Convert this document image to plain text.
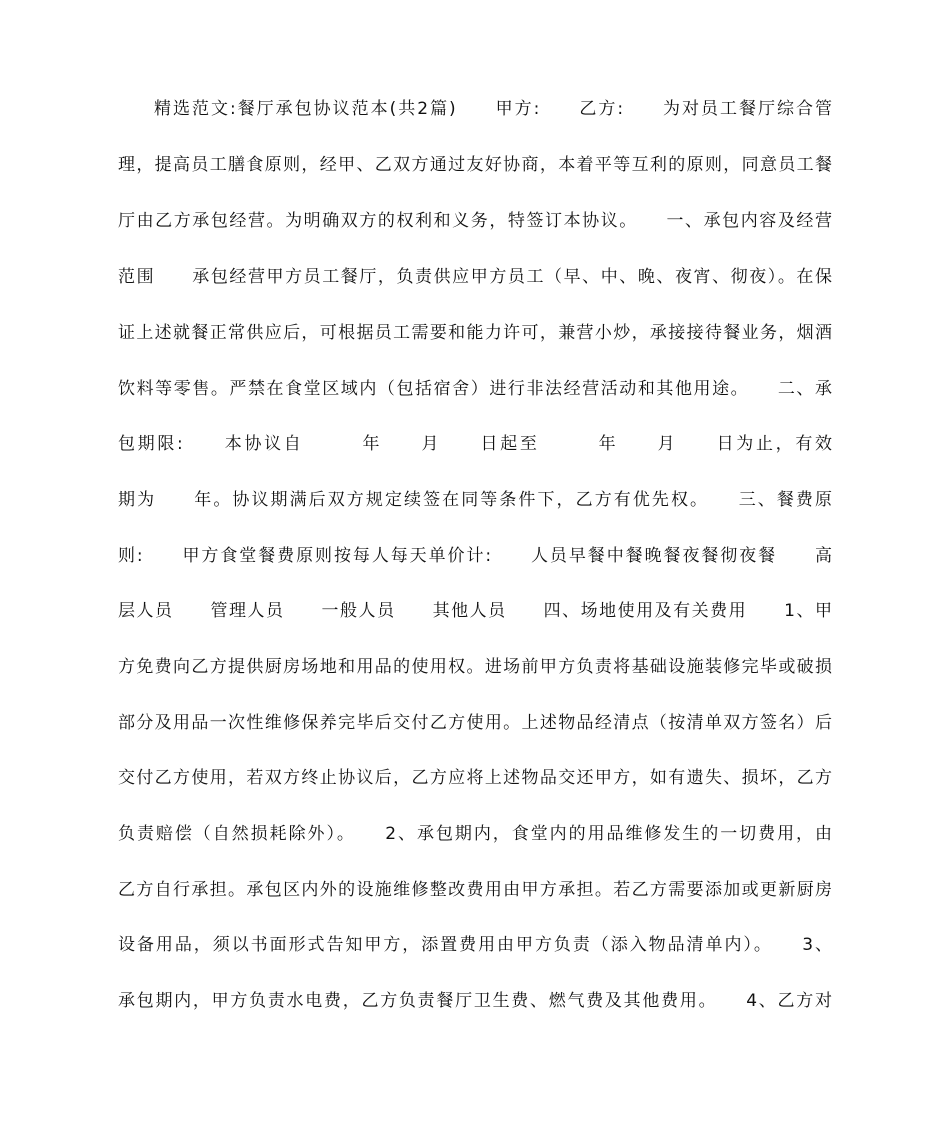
精选范文:餐厅承包协议范本(共2篇)　　甲方:　　乙方:　　为对员工餐厅综合管
理，提高员工膳食原则，经甲、乙双方通过友好协商，本着平等互利的原则，同意员工餐
厅由乙方承包经营。为明确双方的权利和义务，特签订本协议。　　一、承包内容及经营
范围　　承包经营甲方员工餐厅，负责供应甲方员工（早、中、晚、夜宵、彻夜）。在保
证上述就餐正常供应后，可根据员工需要和能力许可，兼营小炒，承接接待餐业务，烟酒
饮料等零售。严禁在食堂区域内（包括宿舍）进行非法经营活动和其他用途。　　二、承
包期限:　　本协议自　　　年　　月　　日起至　　　年　　月　　日为止，有效
期为　　年。协议期满后双方规定续签在同等条件下，乙方有优先权。　　三、餐费原
则:　　甲方食堂餐费原则按每人每天单价计:　　人员早餐中餐晚餐夜餐彻夜餐　　高
层人员　　管理人员　　一般人员　　其他人员　　四、场地使用及有关费用　　1、甲
方免费向乙方提供厨房场地和用品的使用权。进场前甲方负责将基础设施装修完毕或破损
部分及用品一次性维修保养完毕后交付乙方使用。上述物品经清点（按清单双方签名）后
交付乙方使用，若双方终止协议后，乙方应将上述物品交还甲方，如有遗失、损坏，乙方
负责赔偿（自然损耗除外）。　　2、承包期内，食堂内的用品维修发生的一切费用，由
乙方自行承担。承包区内外的设施维修整改费用由甲方承担。若乙方需要添加或更新厨房
设备用品，须以书面形式告知甲方，添置费用由甲方负责（添入物品清单内）。　　3、
承包期内，甲方负责水电费，乙方负责餐厅卫生费、燃气费及其他费用。　　4、乙方对
